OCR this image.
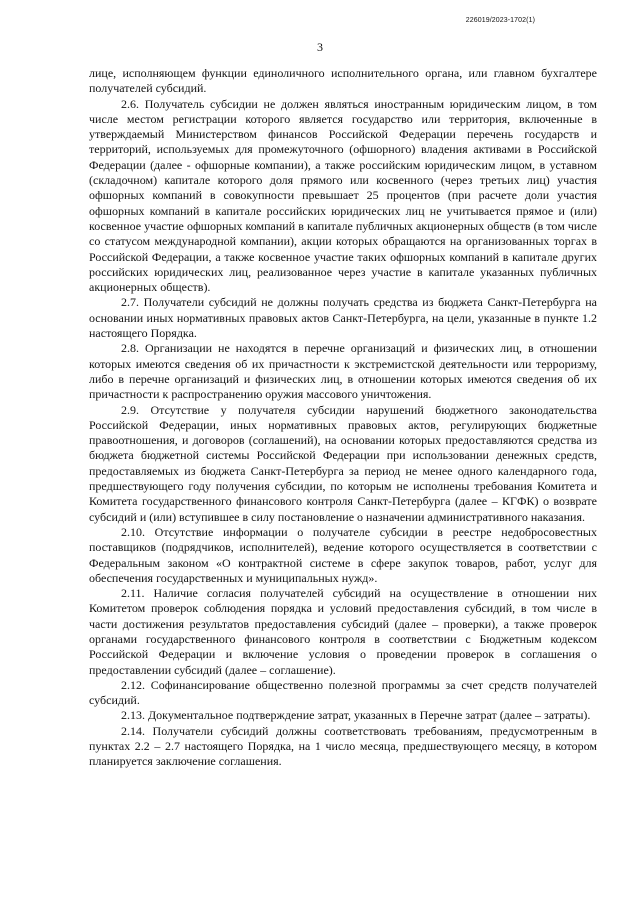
226019/2023-1702(1)
3

лице, исполняющем функции единоличного исполнительного органа, или главном бухгалтере получателей субсидий.

2.6. Получатель субсидии не должен являться иностранным юридическим лицом, в том числе местом регистрации которого является государство или территория, включенные в утверждаемый Министерством финансов Российской Федерации перечень государств и территорий, используемых для промежуточного (офшорного) владения активами в Российской Федерации (далее - офшорные компании), а также российским юридическим лицом, в уставном (складочном) капитале которого доля прямого или косвенного (через третьих лиц) участия офшорных компаний в совокупности превышает 25 процентов (при расчете доли участия офшорных компаний в капитале российских юридических лиц не учитывается прямое и (или) косвенное участие офшорных компаний в капитале публичных акционерных обществ (в том числе со статусом международной компании), акции которых обращаются на организованных торгах в Российской Федерации, а также косвенное участие таких офшорных компаний в капитале других российских юридических лиц, реализованное через участие в капитале указанных публичных акционерных обществ).

2.7. Получатели субсидий не должны получать средства из бюджета Санкт-Петербурга на основании иных нормативных правовых актов Санкт-Петербурга, на цели, указанные в пункте 1.2 настоящего Порядка.

2.8. Организации не находятся в перечне организаций и физических лиц, в отношении которых имеются сведения об их причастности к экстремистской деятельности или терроризму, либо в перечне организаций и физических лиц, в отношении которых имеются сведения об их причастности к распространению оружия массового уничтожения.

2.9. Отсутствие у получателя субсидии нарушений бюджетного законодательства Российской Федерации, иных нормативных правовых актов, регулирующих бюджетные правоотношения, и договоров (соглашений), на основании которых предоставляются средства из бюджета бюджетной системы Российской Федерации при использовании денежных средств, предоставляемых из бюджета Санкт-Петербурга за период не менее одного календарного года, предшествующего году получения субсидии, по которым не исполнены требования Комитета и Комитета государственного финансового контроля Санкт-Петербурга (далее – КГФК) о возврате субсидий и (или) вступившее в силу постановление о назначении административного наказания.

2.10. Отсутствие информации о получателе субсидии в реестре недобросовестных поставщиков (подрядчиков, исполнителей), ведение которого осуществляется в соответствии с Федеральным законом «О контрактной системе в сфере закупок товаров, работ, услуг для обеспечения государственных и муниципальных нужд».

2.11. Наличие согласия получателей субсидий на осуществление в отношении них Комитетом проверок соблюдения порядка и условий предоставления субсидий, в том числе в части достижения результатов предоставления субсидий (далее – проверки), а также проверок органами государственного финансового контроля в соответствии с Бюджетным кодексом Российской Федерации и включение условия о проведении проверок в соглашения о предоставлении субсидий (далее – соглашение).

2.12. Софинансирование общественно полезной программы за счет средств получателей субсидий.

2.13. Документальное подтверждение затрат, указанных в Перечне затрат (далее – затраты).

2.14. Получатели субсидий должны соответствовать требованиям, предусмотренным в пунктах 2.2 – 2.7 настоящего Порядка, на 1 число месяца, предшествующего месяцу, в котором планируется заключение соглашения.
